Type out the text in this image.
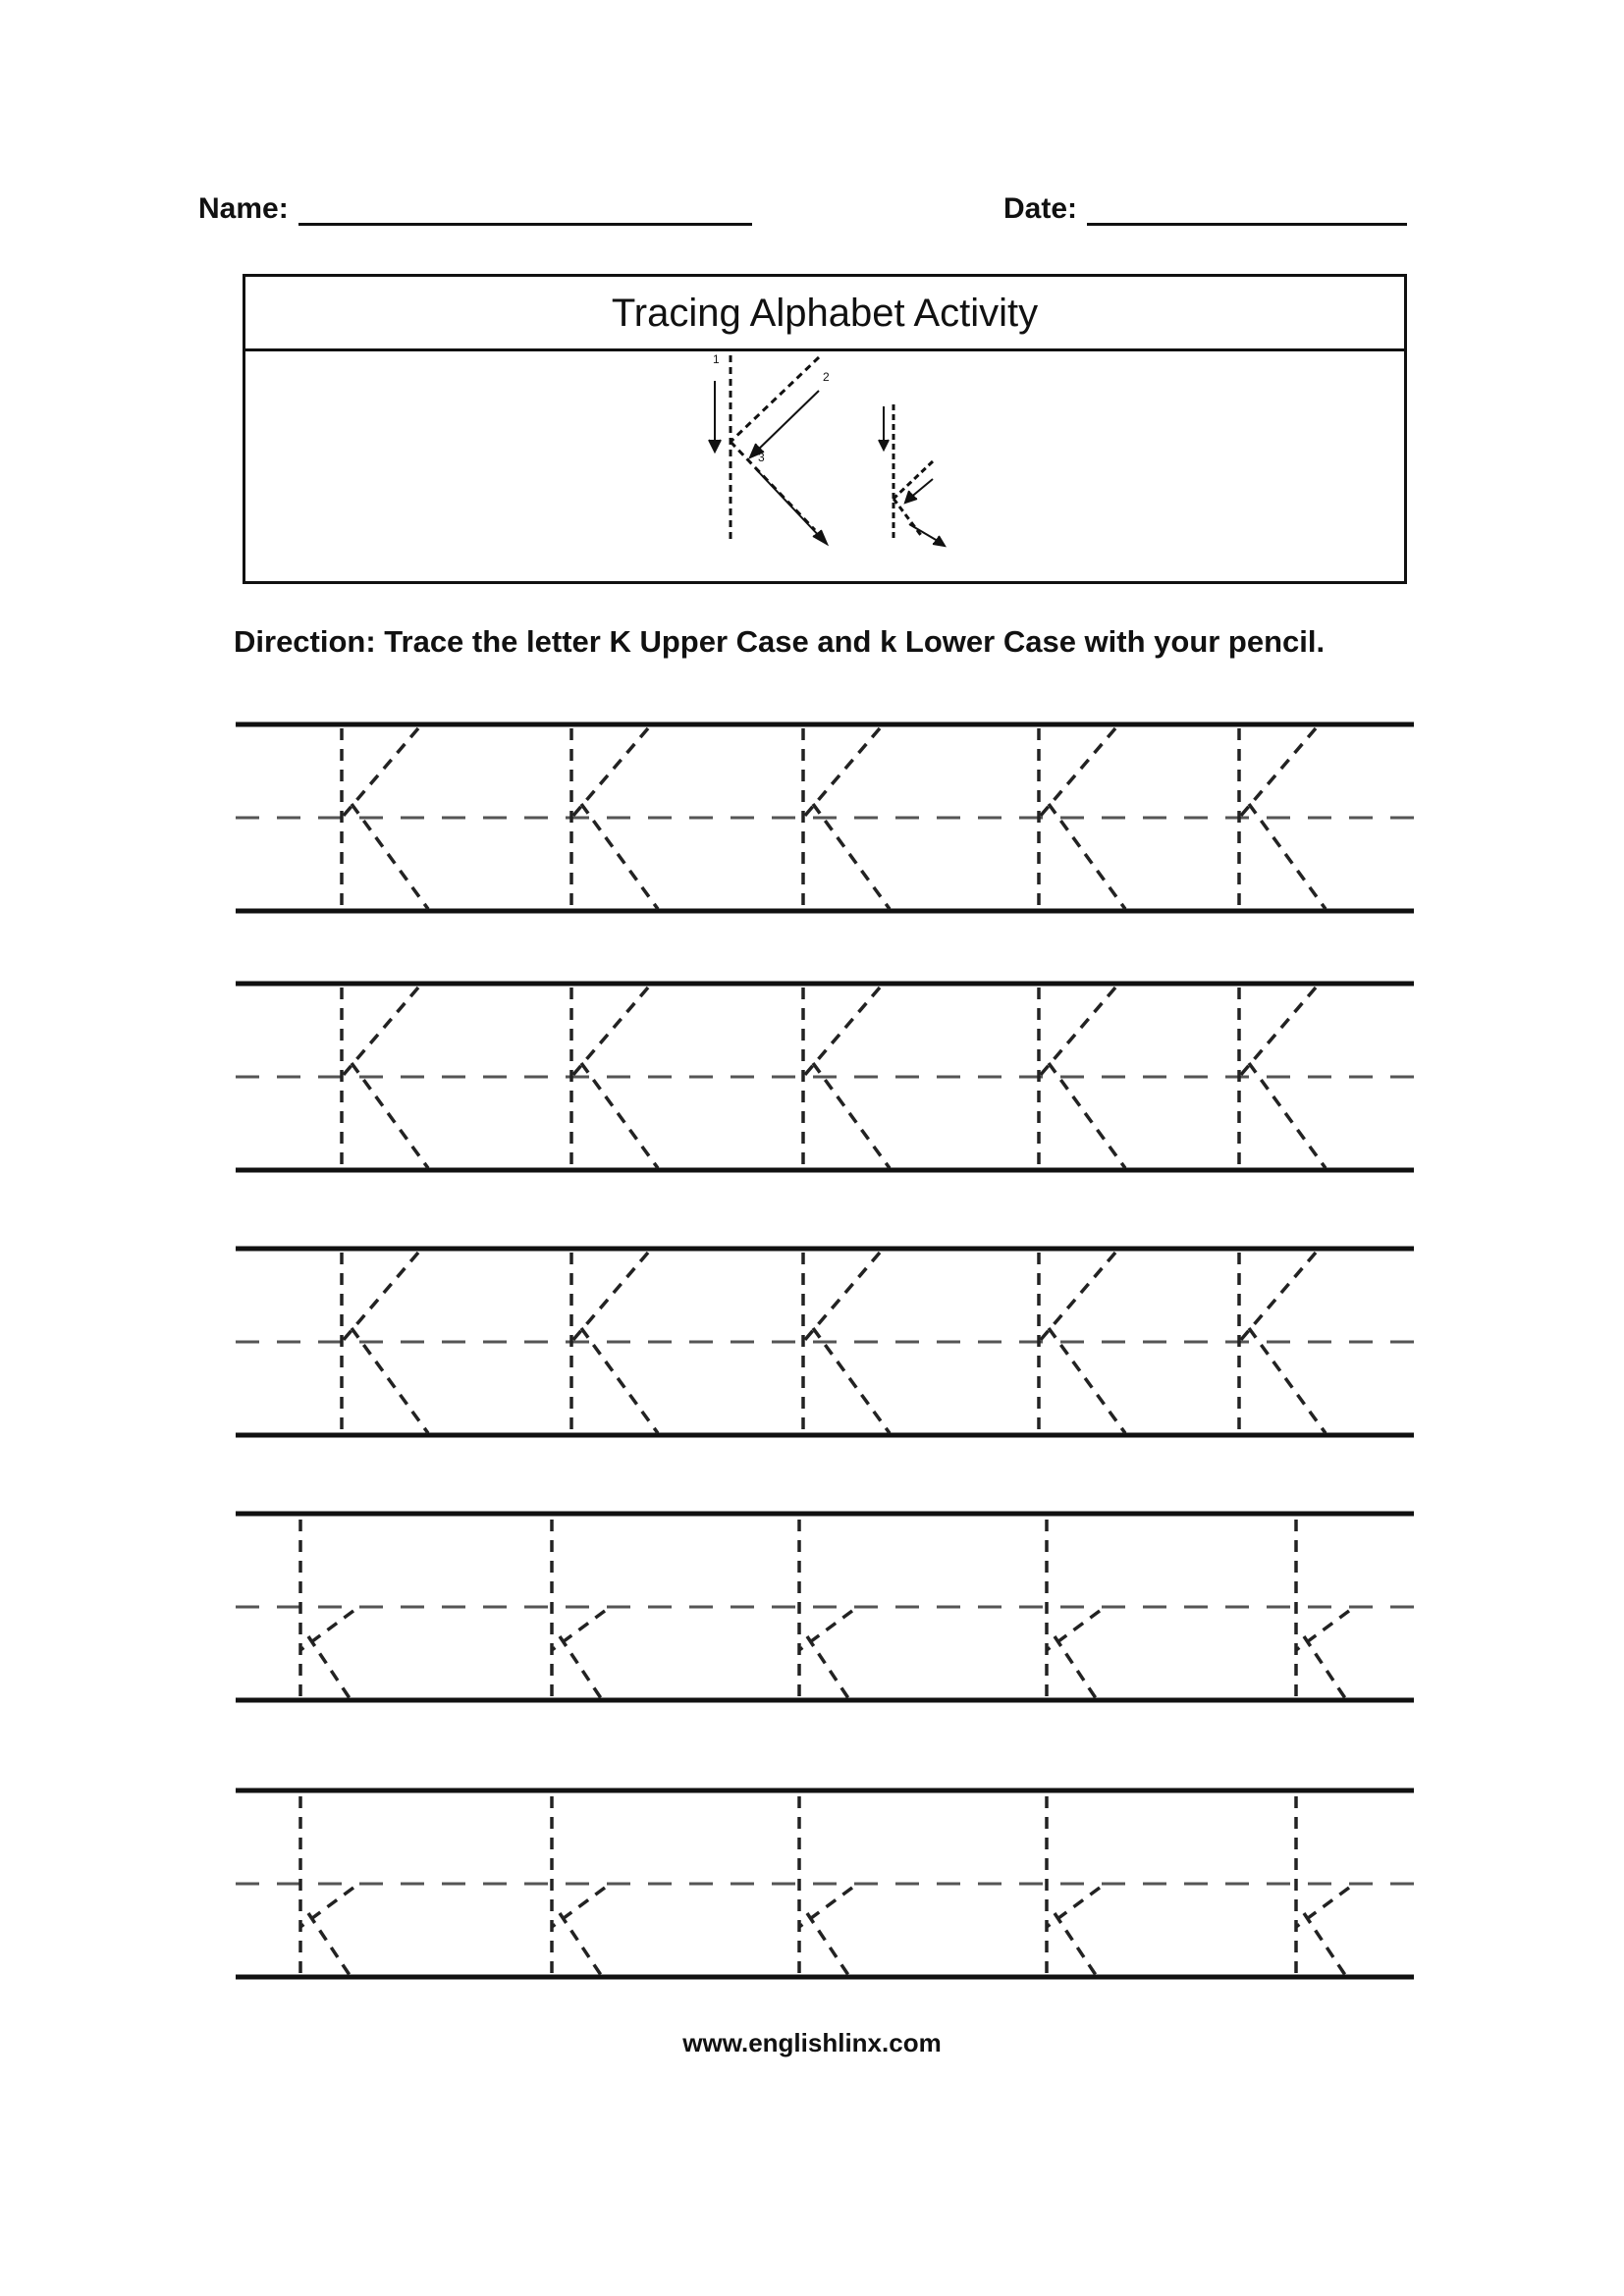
Name:	Date:
Tracing Alphabet Activity
1
2
3
Direction: Trace the letter K Upper Case and k Lower Case with your pencil.
www.englishlinx.com
